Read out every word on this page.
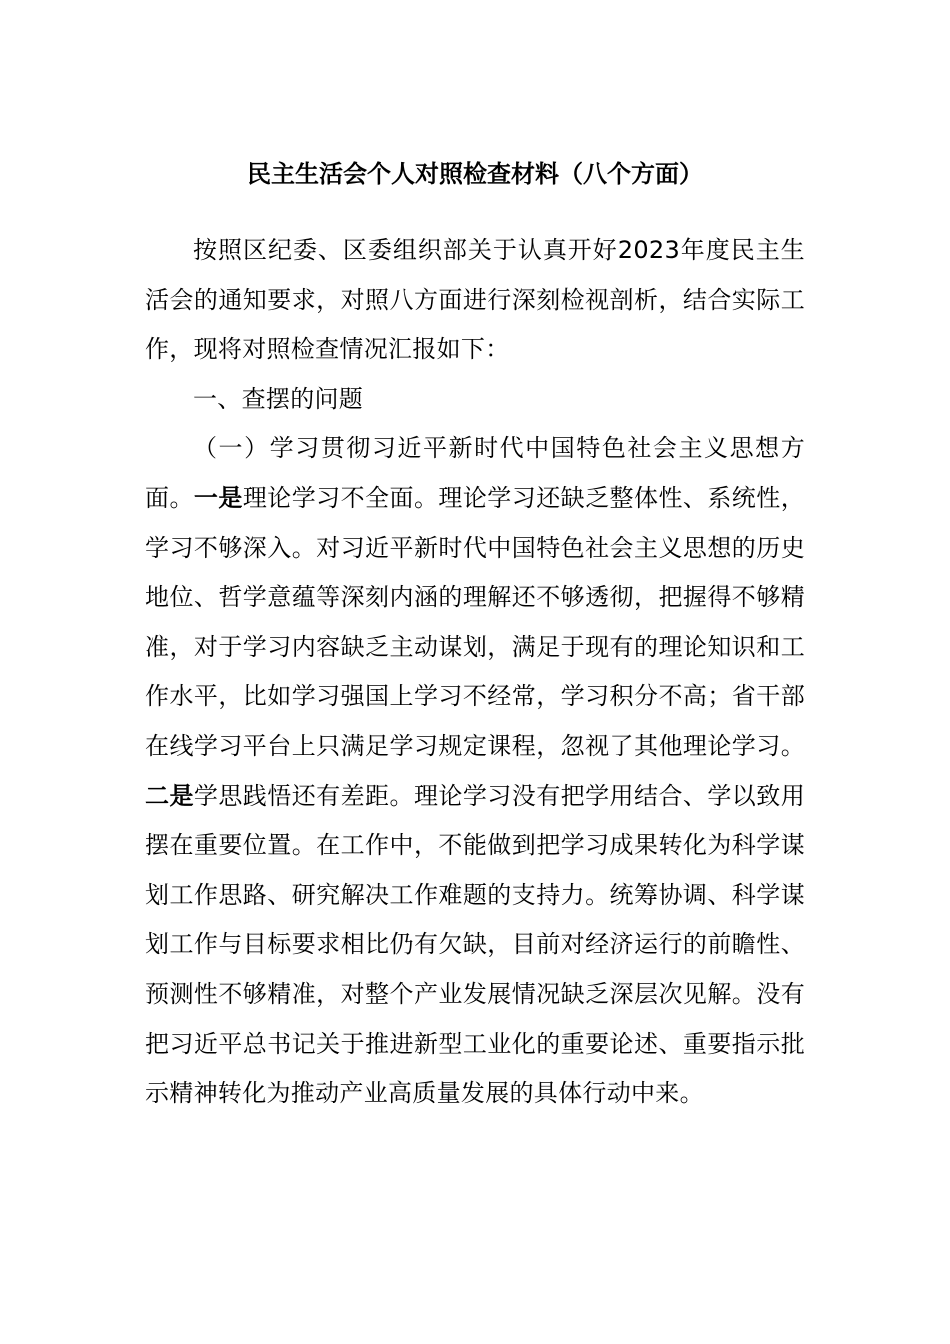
民主生活会个人对照检查材料（八个方面）

按照区纪委、区委组织部关于认真开好2023年度民主生活会的通知要求，对照八方面进行深刻检视剖析，结合实际工作，现将对照检查情况汇报如下：

一、查摆的问题

（一）学习贯彻习近平新时代中国特色社会主义思想方面。一是理论学习不全面。理论学习还缺乏整体性、系统性，学习不够深入。对习近平新时代中国特色社会主义思想的历史地位、哲学意蕴等深刻内涵的理解还不够透彻，把握得不够精准，对于学习内容缺乏主动谋划，满足于现有的理论知识和工作水平，比如学习强国上学习不经常，学习积分不高；省干部在线学习平台上只满足学习规定课程，忽视了其他理论学习。二是学思践悟还有差距。理论学习没有把学用结合、学以致用摆在重要位置。在工作中，不能做到把学习成果转化为科学谋划工作思路、研究解决工作难题的支持力。统筹协调、科学谋划工作与目标要求相比仍有欠缺，目前对经济运行的前瞻性、预测性不够精准，对整个产业发展情况缺乏深层次见解。没有把习近平总书记关于推进新型工业化的重要论述、重要指示批示精神转化为推动产业高质量发展的具体行动中来。
